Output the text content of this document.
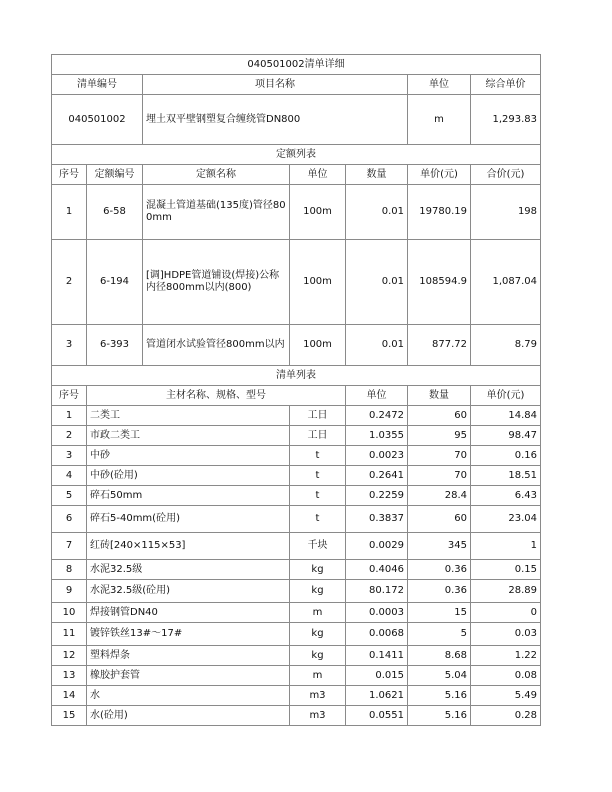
040501002清单详细							
清单编号		项目名称			单位	综合单价	
040501002		埋土双平壁钢塑复合缠绕管DN800			m	1,293.83	
定额列表							
序号	定额编号	定额名称	单位	数量	单价(元)	合价(元)	
1	6-58	混凝土管道基础(135度)管径800mm	100m	0.01	19780.19	198	
2	6-194	[调]HDPE管道铺设(焊接)公称内径800mm以内(800)	100m	0.01	108594.9	1,087.04	
3	6-393	管道闭水试验管径800mm以内	100m	0.01	877.72	8.79	
清单列表							
序号	主材名称、规格、型号			单位	数量	单价(元)	
1	二类工		工日	0.2472	60	14.84	
2	市政二类工		工日	1.0355	95	98.47	
3	中砂		t	0.0023	70	0.16	
4	中砂(砼用)		t	0.2641	70	18.51	
5	碎石50mm		t	0.2259	28.4	6.43	
6	碎石5-40mm(砼用)		t	0.3837	60	23.04	
7	红砖[240×115×53]		千块	0.0029	345	1	
8	水泥32.5级		kg	0.4046	0.36	0.15	
9	水泥32.5级(砼用)		kg	80.172	0.36	28.89	
10	焊接钢管DN40		m	0.0003	15	0	
11	镀锌铁丝13#～17#		kg	0.0068	5	0.03	
12	塑料焊条		kg	0.1411	8.68	1.22	
13	橡胶护套管		m	0.015	5.04	0.08	
14	水		m3	1.0621	5.16	5.49	
15	水(砼用)		m3	0.0551	5.16	0.28	
